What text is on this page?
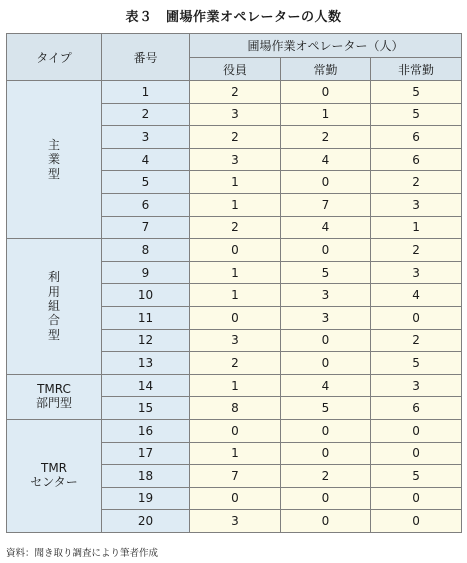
表３　圃場作業オペレーターの人数
タイプ	番号	圃場作業オペレーター（人）		
		役員	常勤	非常勤
主業型	1	2	0	5
	2	3	1	5
	3	2	2	6
	4	3	4	6
	5	1	0	2
	6	1	7	3
	7	2	4	1
利用組合型	8	0	0	2
	9	1	5	3
	10	1	3	4
	11	0	3	0
	12	3	0	2
	13	2	0	5
TMRC
部門型	14	1	4	3
	15	8	5	6
TMR
センター	16	0	0	0
	17	1	0	0
	18	7	2	5
	19	0	0	0
	20	3	0	0
資料：聞き取り調査により筆者作成
